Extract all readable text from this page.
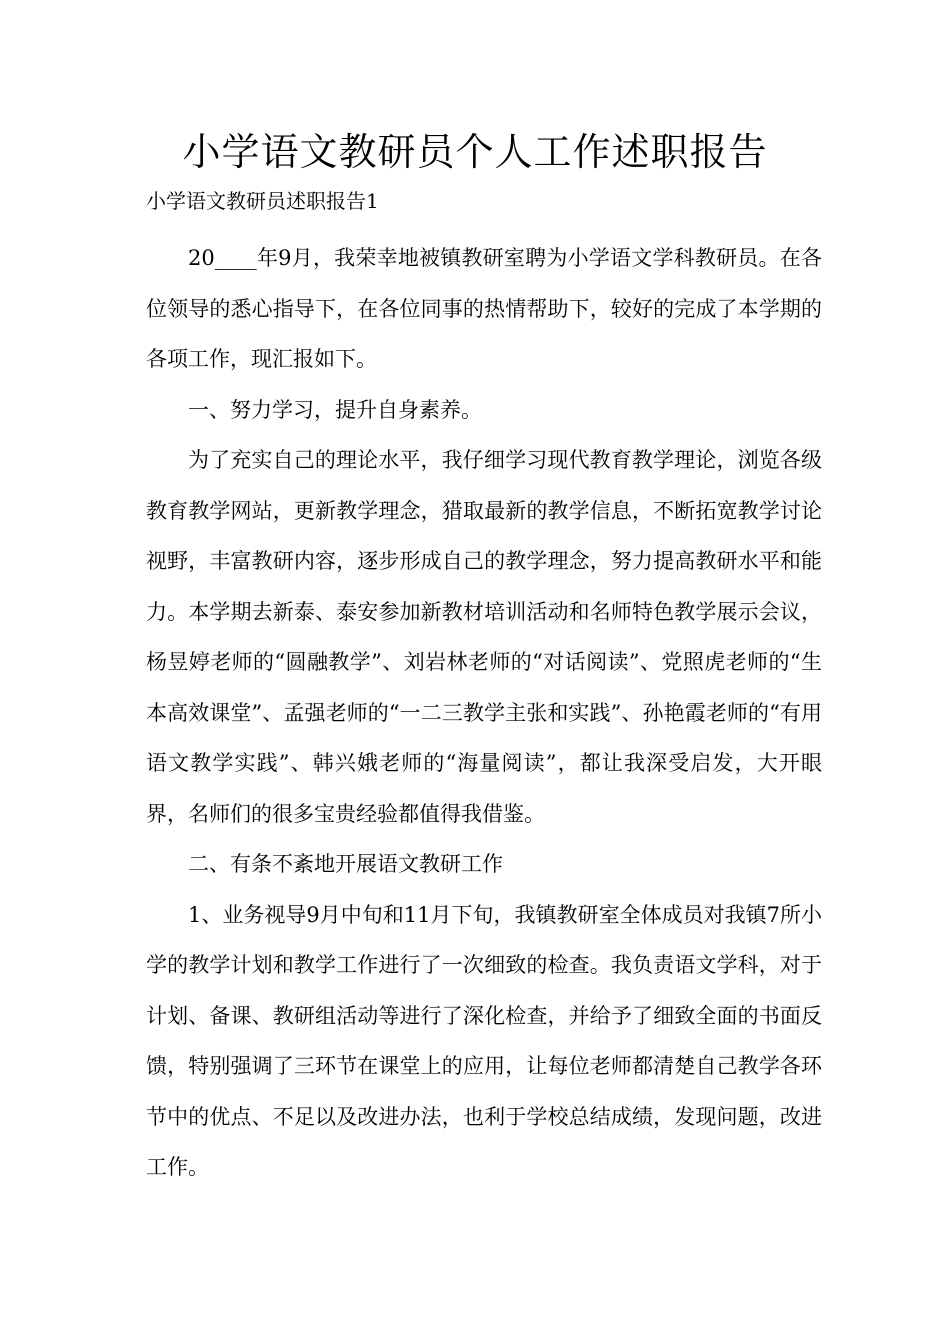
小学语文教研员个人工作述职报告

小学语文教研员述职报告1

20____年9月，我荣幸地被镇教研室聘为小学语文学科教研员。在各位领导的悉心指导下，在各位同事的热情帮助下，较好的完成了本学期的各项工作，现汇报如下。

一、努力学习，提升自身素养。

为了充实自己的理论水平，我仔细学习现代教育教学理论，浏览各级教育教学网站，更新教学理念，猎取最新的教学信息，不断拓宽教学讨论视野，丰富教研内容，逐步形成自己的教学理念，努力提高教研水平和能力。本学期去新泰、泰安参加新教材培训活动和名师特色教学展示会议，杨昱婷老师的“圆融教学”、刘岩林老师的“对话阅读”、党照虎老师的“生本高效课堂”、孟强老师的“一二三教学主张和实践”、孙艳霞老师的“有用语文教学实践”、韩兴娥老师的“海量阅读”，都让我深受启发，大开眼界，名师们的很多宝贵经验都值得我借鉴。

二、有条不紊地开展语文教研工作

1、业务视导9月中旬和11月下旬，我镇教研室全体成员对我镇7所小学的教学计划和教学工作进行了一次细致的检查。我负责语文学科，对于计划、备课、教研组活动等进行了深化检查，并给予了细致全面的书面反馈，特别强调了三环节在课堂上的应用，让每位老师都清楚自己教学各环节中的优点、不足以及改进办法，也利于学校总结成绩，发现问题，改进工作。
